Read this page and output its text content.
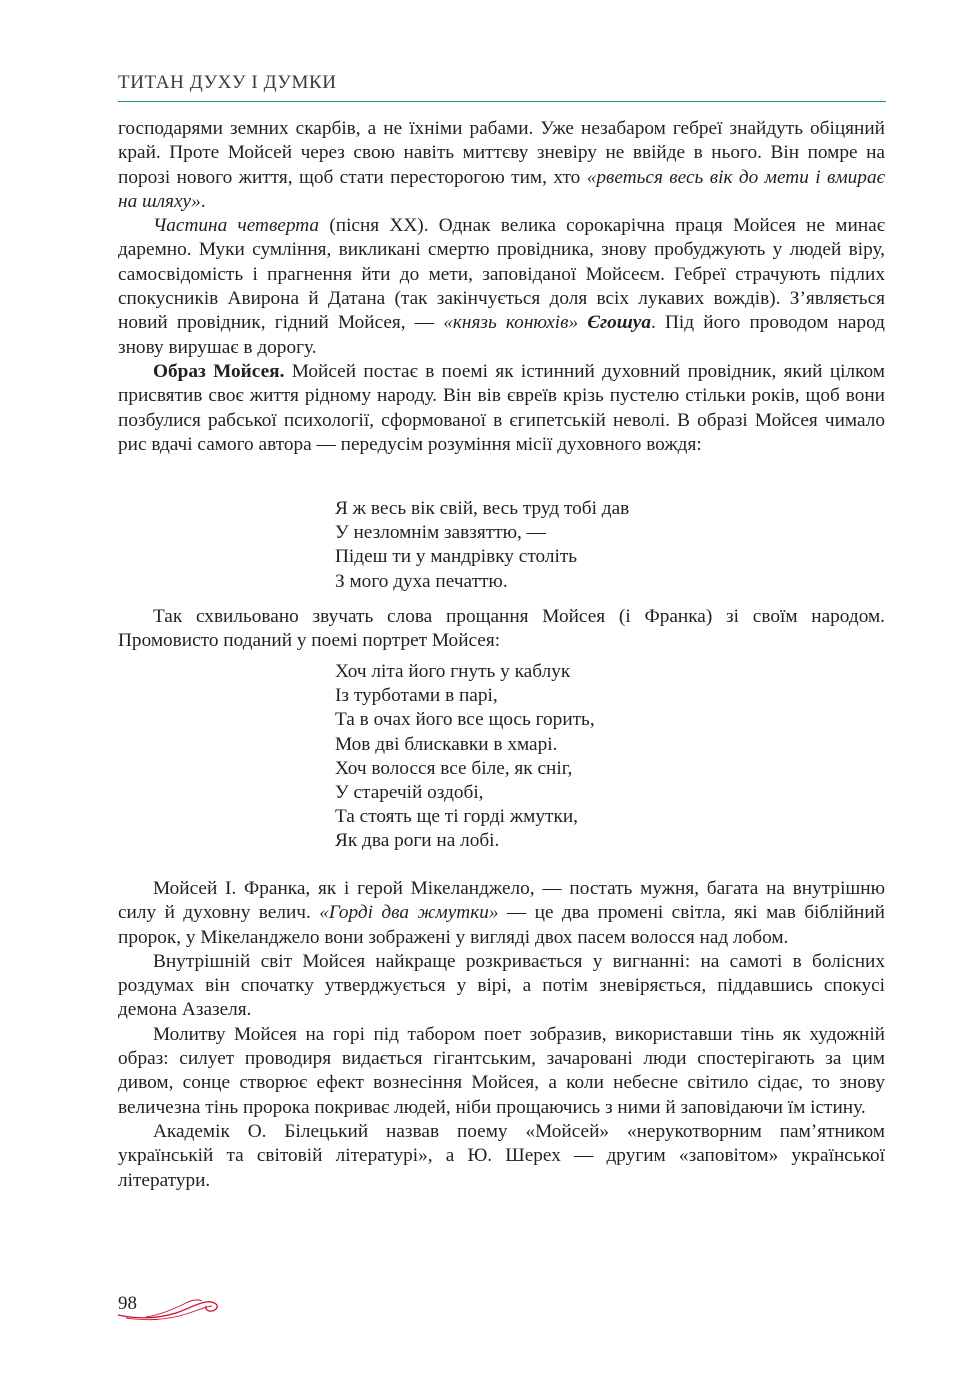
ТИТАН ДУХУ І ДУМКИ

господарями земних скарбів, а не їхніми рабами. Уже незабаром гебреї знайдуть обіцяний край. Проте Мойсей через свою навіть миттєву зневіру не ввійде в нього. Він помре на порозі нового життя, щоб стати пересторогою тим, хто «рветься весь вік до мети і вмирає на шляху».

Частина четверта (пісня ХХ). Однак велика сорокарічна праця Мойсея не минає даремно. Муки сумління, викликані смертю провідника, знову пробуджують у людей віру, самосвідомість і прагнення йти до мети, заповіданої Мойсеєм. Гебреї страчують підлих спокусників Авирона й Датана (так закінчується доля всіх лукавих вождів). З’являється новий провідник, гідний Мойсея, — «князь конюхів» Єгошуа. Під його проводом народ знову вирушає в дорогу.

Образ Мойсея. Мойсей постає в поемі як істинний духовний провідник, який цілком присвятив своє життя рідному народу. Він вів євреїв крізь пустелю стільки років, щоб вони позбулися рабської психології, сформованої в єгипетській неволі. В образі Мойсея чимало рис вдачі самого автора — передусім розуміння місії духовного вождя:

Я ж весь вік свій, весь труд тобі дав
У незломнім завзяттю, —
Підеш ти у мандрівку століть
З мого духа печаттю.

Так схвильовано звучать слова прощання Мойсея (і Франка) зі своїм народом. Промовисто поданий у поемі портрет Мойсея:

Хоч літа його гнуть у каблук
Із турботами в парі,
Та в очах його все щось горить,
Мов дві блискавки в хмарі.
Хоч волосся все біле, як сніг,
У старечій оздобі,
Та стоять ще ті горді жмутки,
Як два роги на лобі.

Мойсей І. Франка, як і герой Мікеланджело, — постать мужня, багата на внутрішню силу й духовну велич. «Горді два жмутки» — це два промені світла, які мав біблійний пророк, у Мікеланджело вони зображені у вигляді двох пасем волосся над лобом.

Внутрішній світ Мойсея найкраще розкривається у вигнанні: на самоті в болісних роздумах він спочатку утверджується у вірі, а потім зневіряється, піддавшись спокусі демона Азазеля.

Молитву Мойсея на горі під табором поет зобразив, використавши тінь як художній образ: силует проводиря видається гігантським, зачаровані люди спостерігають за цим дивом, сонце створює ефект вознесіння Мойсея, а коли небесне світило сідає, то знову величезна тінь пророка покриває людей, ніби прощаючись з ними й заповідаючи їм істину.

Академік О. Білецький назвав поему «Мойсей» «нерукотворним пам’ятником українській та світовій літературі», а Ю. Шерех — другим «заповітом» української літератури.

98
